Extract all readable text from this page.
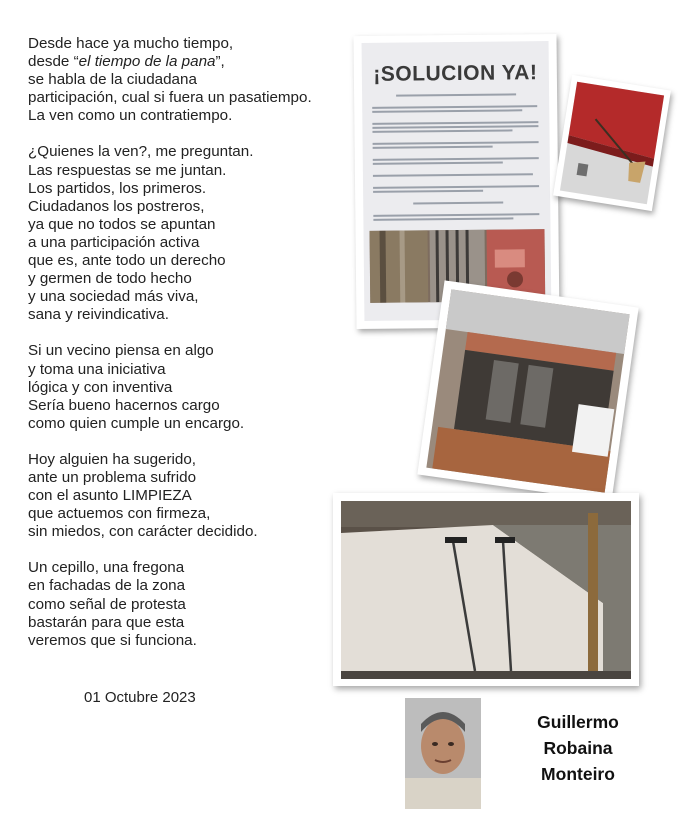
Desde hace ya mucho tiempo,
desde “el tiempo de la pana”,
se habla de la ciudadana
participación, cual si fuera un pasatiempo.
La ven como un contratiempo.
¿Quienes la ven?, me preguntan.
Las respuestas se me juntan.
Los partidos, los primeros.
Ciudadanos los postreros,
ya que no todos se apuntan
a una participación activa
que es, ante todo un derecho
y germen de todo hecho
y una sociedad más viva,
sana y reivindicativa.
Si un vecino piensa en algo
y toma una iniciativa
lógica y con inventiva
Sería bueno hacernos cargo
como quien cumple un encargo.
Hoy alguien ha sugerido,
ante un problema sufrido
con el asunto LIMPIEZA
que actuemos con firmeza,
sin miedos, con carácter decidido.
Un cepillo, una fregona
en fachadas de la zona
como señal de protesta
bastarán para que esta
veremos que si funciona.
01 Octubre 2023
¡SOLUCION YA!
Guillermo
Robaina
Monteiro
